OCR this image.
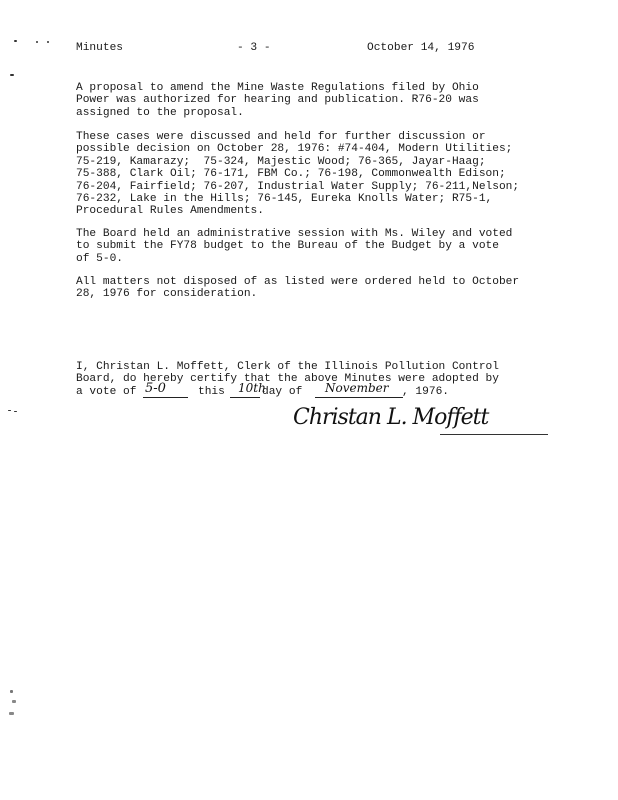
Minutes	- 3 -	October 14, 1976
A proposal to amend the Mine Waste Regulations filed by Ohio
Power was authorized for hearing and publication. R76-20 was
assigned to the proposal.
These cases were discussed and held for further discussion or
possible decision on October 28, 1976: #74-404, Modern Utilities;
75-219, Kamarazy;  75-324, Majestic Wood; 76-365, Jayar-Haag;
75-388, Clark Oil; 76-171, FBM Co.; 76-198, Commonwealth Edison;
76-204, Fairfield; 76-207, Industrial Water Supply; 76-211,Nelson;
76-232, Lake in the Hills; 76-145, Eureka Knolls Water; R75-1,
Procedural Rules Amendments.
The Board held an administrative session with Ms. Wiley and voted
to submit the FY78 budget to the Bureau of the Budget by a vote
of 5-0.
All matters not disposed of as listed were ordered held to October
28, 1976 for consideration.
I, Christan L. Moffett, Clerk of the Illinois Pollution Control
Board, do hereby certify that the above Minutes were adopted by
a vote of 5-0	this	10th
day of	November , 1976.
Christan L. Moffett
